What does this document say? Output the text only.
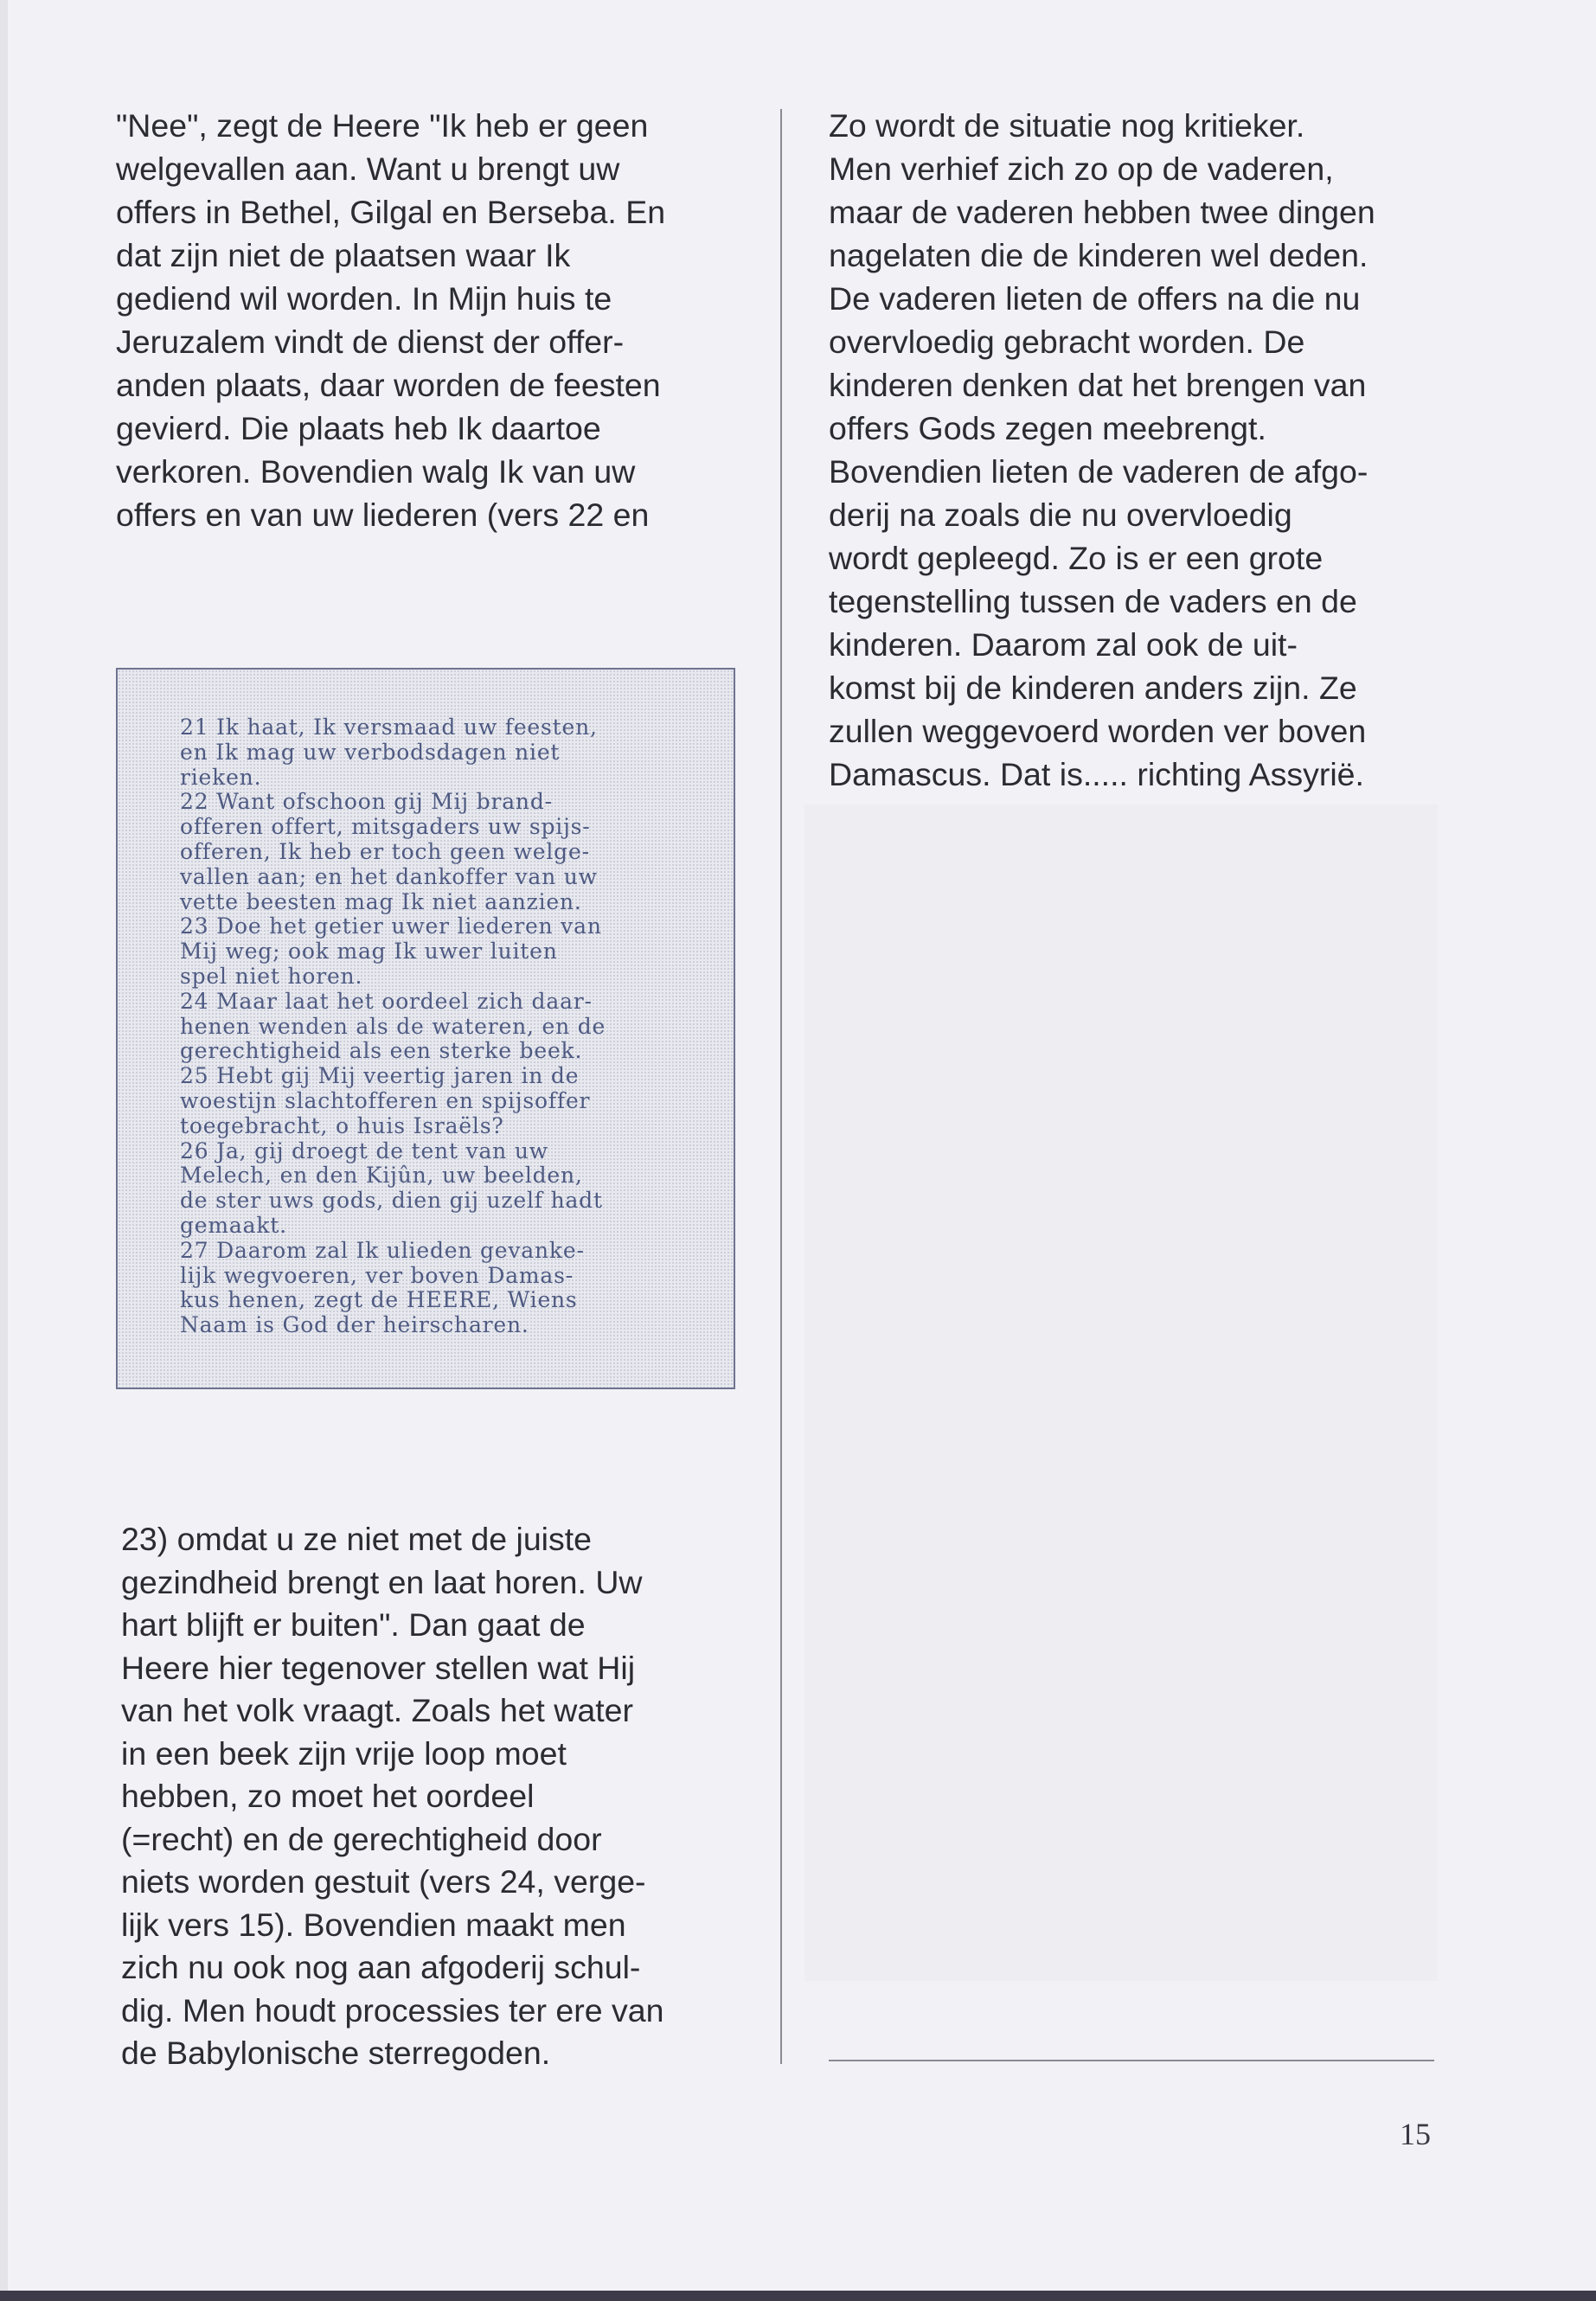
"Nee", zegt de Heere "Ik heb er geen

welgevallen aan. Want u brengt uw

offers in Bethel, Gilgal en Berseba. En

dat zijn niet de plaatsen waar Ik

gediend wil worden. In Mijn huis te

Jeruzalem vindt de dienst der offer-

anden plaats, daar worden de feesten

gevierd. Die plaats heb Ik daartoe

verkoren. Bovendien walg Ik van uw

offers en van uw liederen (vers 22 en

21 Ik haat, Ik versmaad uw feesten,

en Ik mag uw verbodsdagen niet

rieken.

22 Want ofschoon gij Mij brand-

offeren offert, mitsgaders uw spijs-

offeren, Ik heb er toch geen welge-

vallen aan; en het dankoffer van uw

vette beesten mag Ik niet aanzien.

23 Doe het getier uwer liederen van

Mij weg; ook mag Ik uwer luiten

spel niet horen.

24 Maar laat het oordeel zich daar-

henen wenden als de wateren, en de

gerechtigheid als een sterke beek.

25 Hebt gij Mij veertig jaren in de

woestijn slachtofferen en spijsoffer

toegebracht, o huis Israëls?

26 Ja, gij droegt de tent van uw

Melech, en den Kijûn, uw beelden,

de ster uws gods, dien gij uzelf hadt

gemaakt.

27 Daarom zal Ik ulieden gevanke-

lijk wegvoeren, ver boven Damas-

kus henen, zegt de HEERE, Wiens

Naam is God der heirscharen.

23) omdat u ze niet met de juiste

gezindheid brengt en laat horen. Uw

hart blijft er buiten". Dan gaat de

Heere hier tegenover stellen wat Hij

van het volk vraagt. Zoals het water

in een beek zijn vrije loop moet

hebben, zo moet het oordeel

(=recht) en de gerechtigheid door

niets worden gestuit (vers 24, verge-

lijk vers 15). Bovendien maakt men

zich nu ook nog aan afgoderij schul-

dig. Men houdt processies ter ere van

de Babylonische sterregoden.

Zo wordt de situatie nog kritieker.

Men verhief zich zo op de vaderen,

maar de vaderen hebben twee dingen

nagelaten die de kinderen wel deden.

De vaderen lieten de offers na die nu

overvloedig gebracht worden. De

kinderen denken dat het brengen van

offers Gods zegen meebrengt.

Bovendien lieten de vaderen de afgo-

derij na zoals die nu overvloedig

wordt gepleegd. Zo is er een grote

tegenstelling tussen de vaders en de

kinderen. Daarom zal ook de uit-

komst bij de kinderen anders zijn. Ze

zullen weggevoerd worden ver boven

Damascus. Dat is..... richting Assyrië.

15
